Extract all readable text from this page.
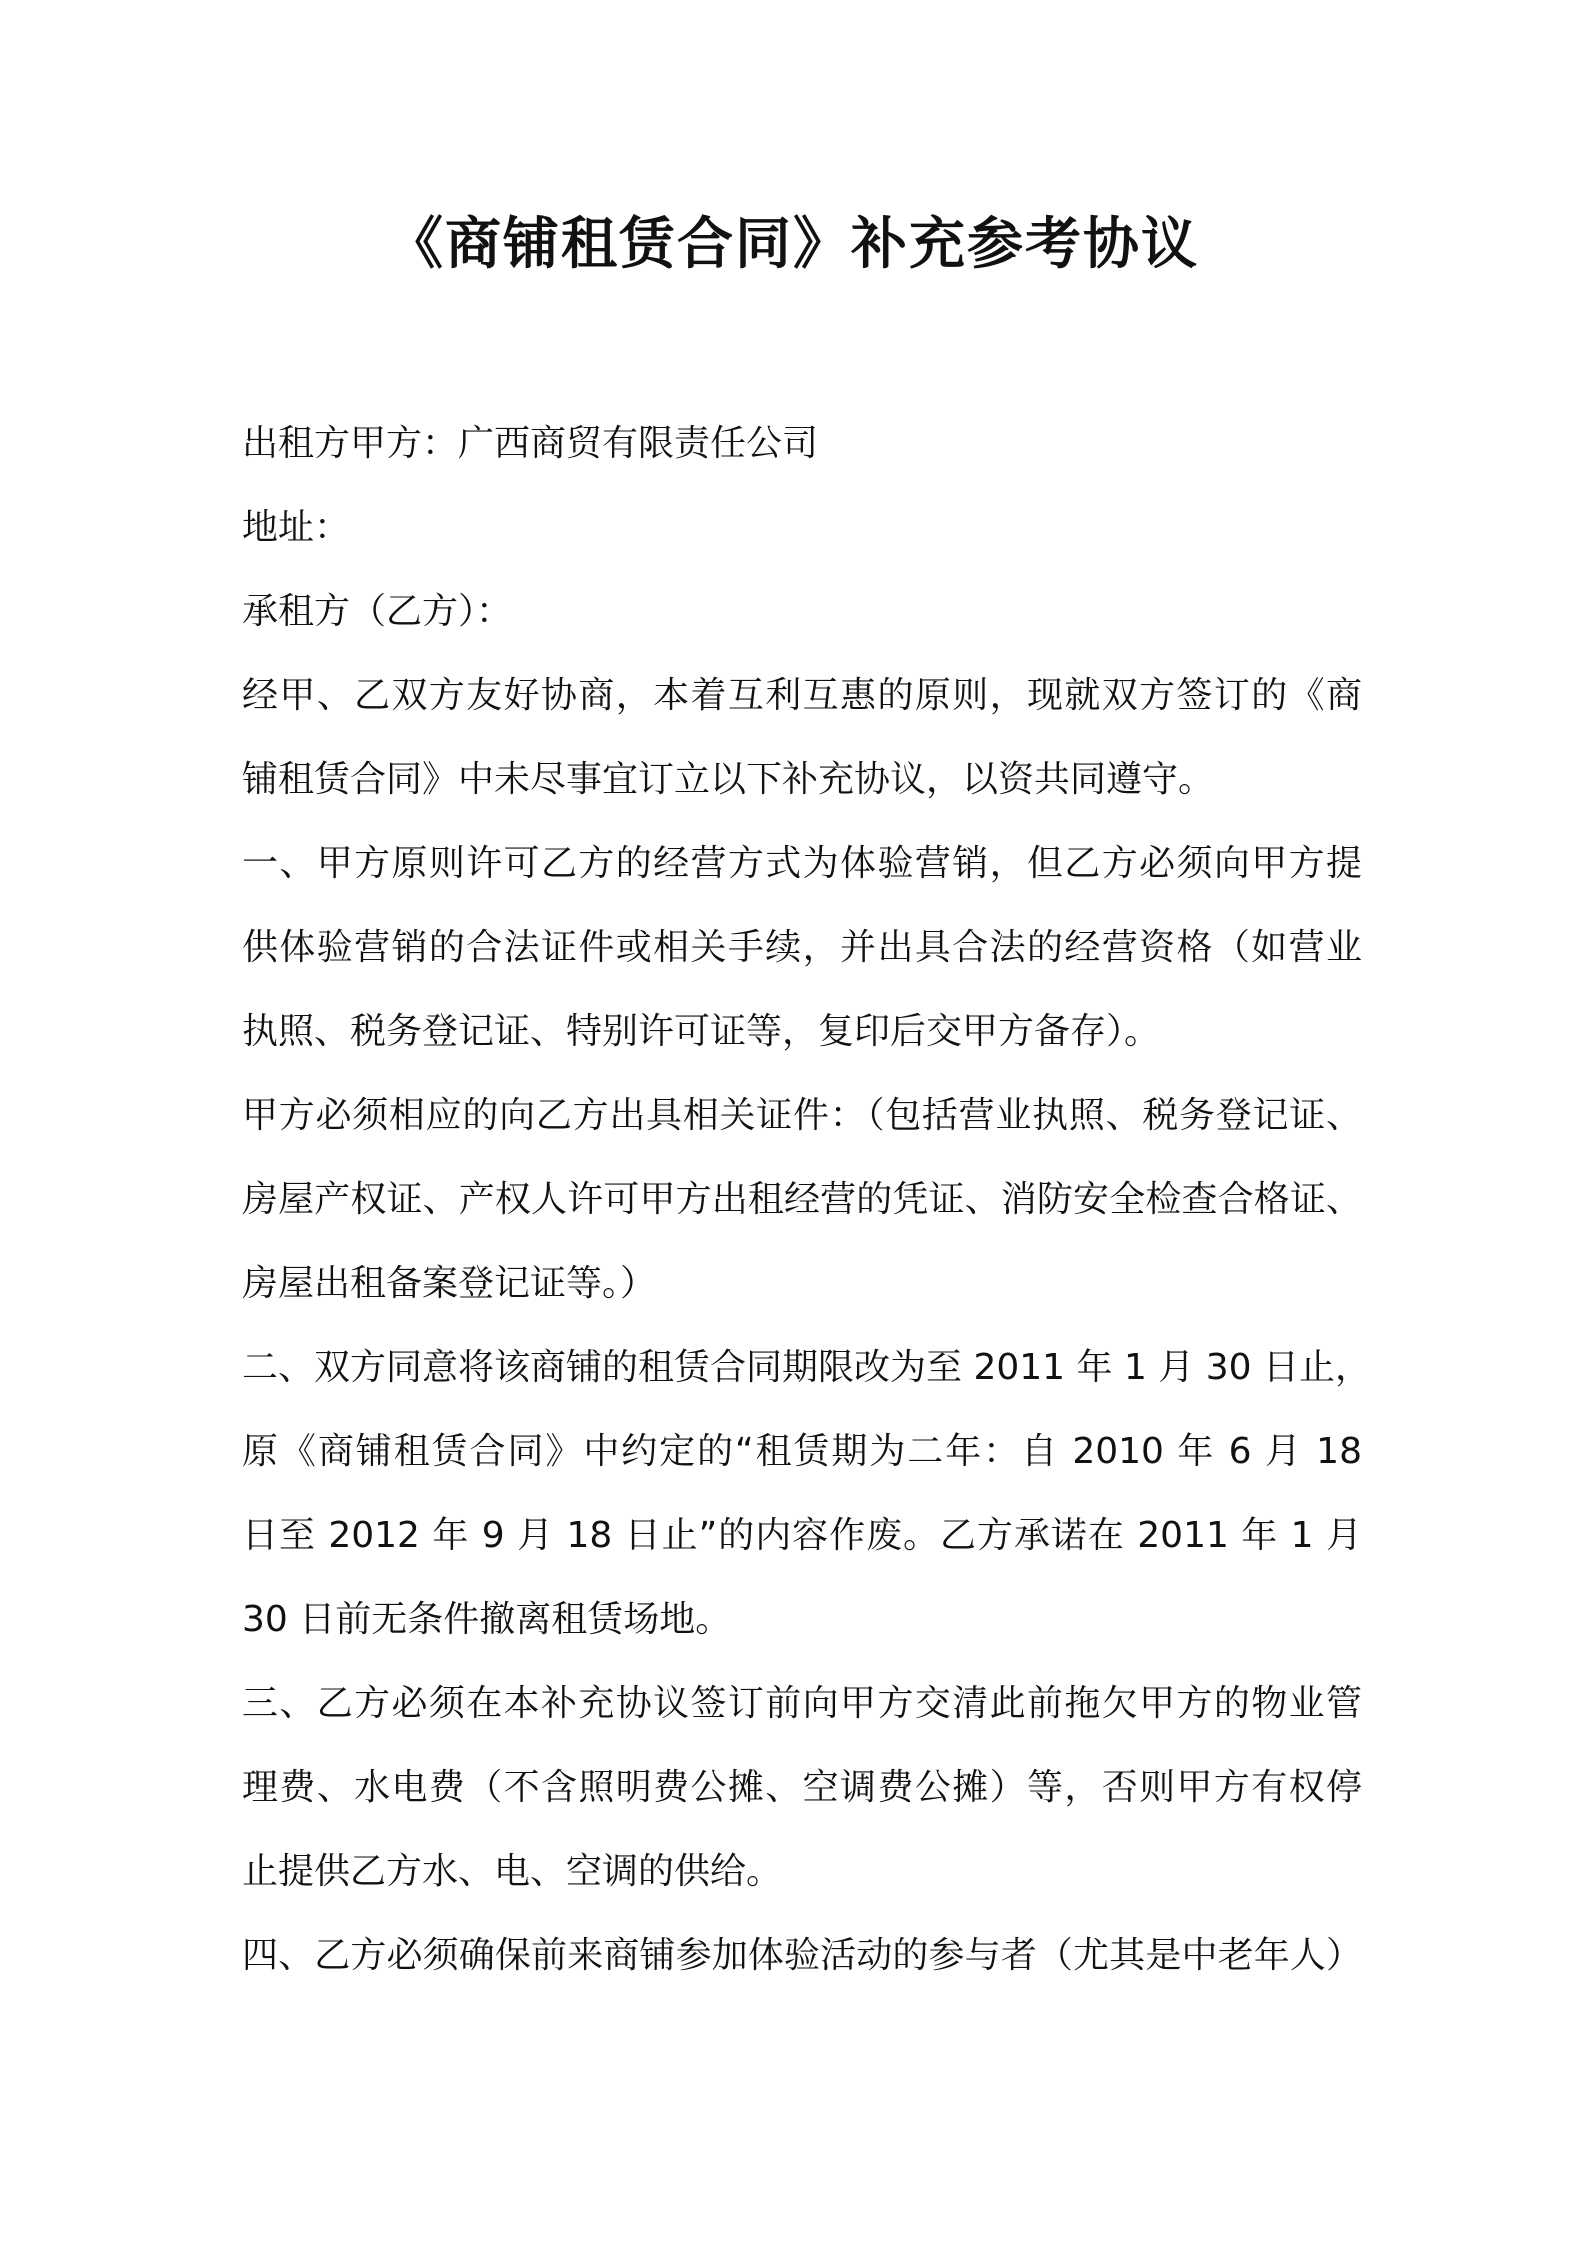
《商铺租赁合同》补充参考协议
出租方甲方：广西商贸有限责任公司
地址：
承租方（乙方）：
经甲、乙双方友好协商，本着互利互惠的原则，现就双方签订的《商
铺租赁合同》中未尽事宜订立以下补充协议，以资共同遵守。
一、甲方原则许可乙方的经营方式为体验营销，但乙方必须向甲方提
供体验营销的合法证件或相关手续，并出具合法的经营资格（如营业
执照、税务登记证、特别许可证等，复印后交甲方备存）。
甲方必须相应的向乙方出具相关证件：（包括营业执照、税务登记证、
房屋产权证、产权人许可甲方出租经营的凭证、消防安全检查合格证、
房屋出租备案登记证等。）
二、双方同意将该商铺的租赁合同期限改为至 2011 年 1 月 30 日止，
原《商铺租赁合同》中约定的“租赁期为二年：自 2010 年 6 月 18
日至 2012 年 9 月 18 日止”的内容作废。乙方承诺在 2011 年 1 月
30 日前无条件撤离租赁场地。
三、乙方必须在本补充协议签订前向甲方交清此前拖欠甲方的物业管
理费、水电费（不含照明费公摊、空调费公摊）等，否则甲方有权停
止提供乙方水、电、空调的供给。
四、乙方必须确保前来商铺参加体验活动的参与者（尤其是中老年人）
